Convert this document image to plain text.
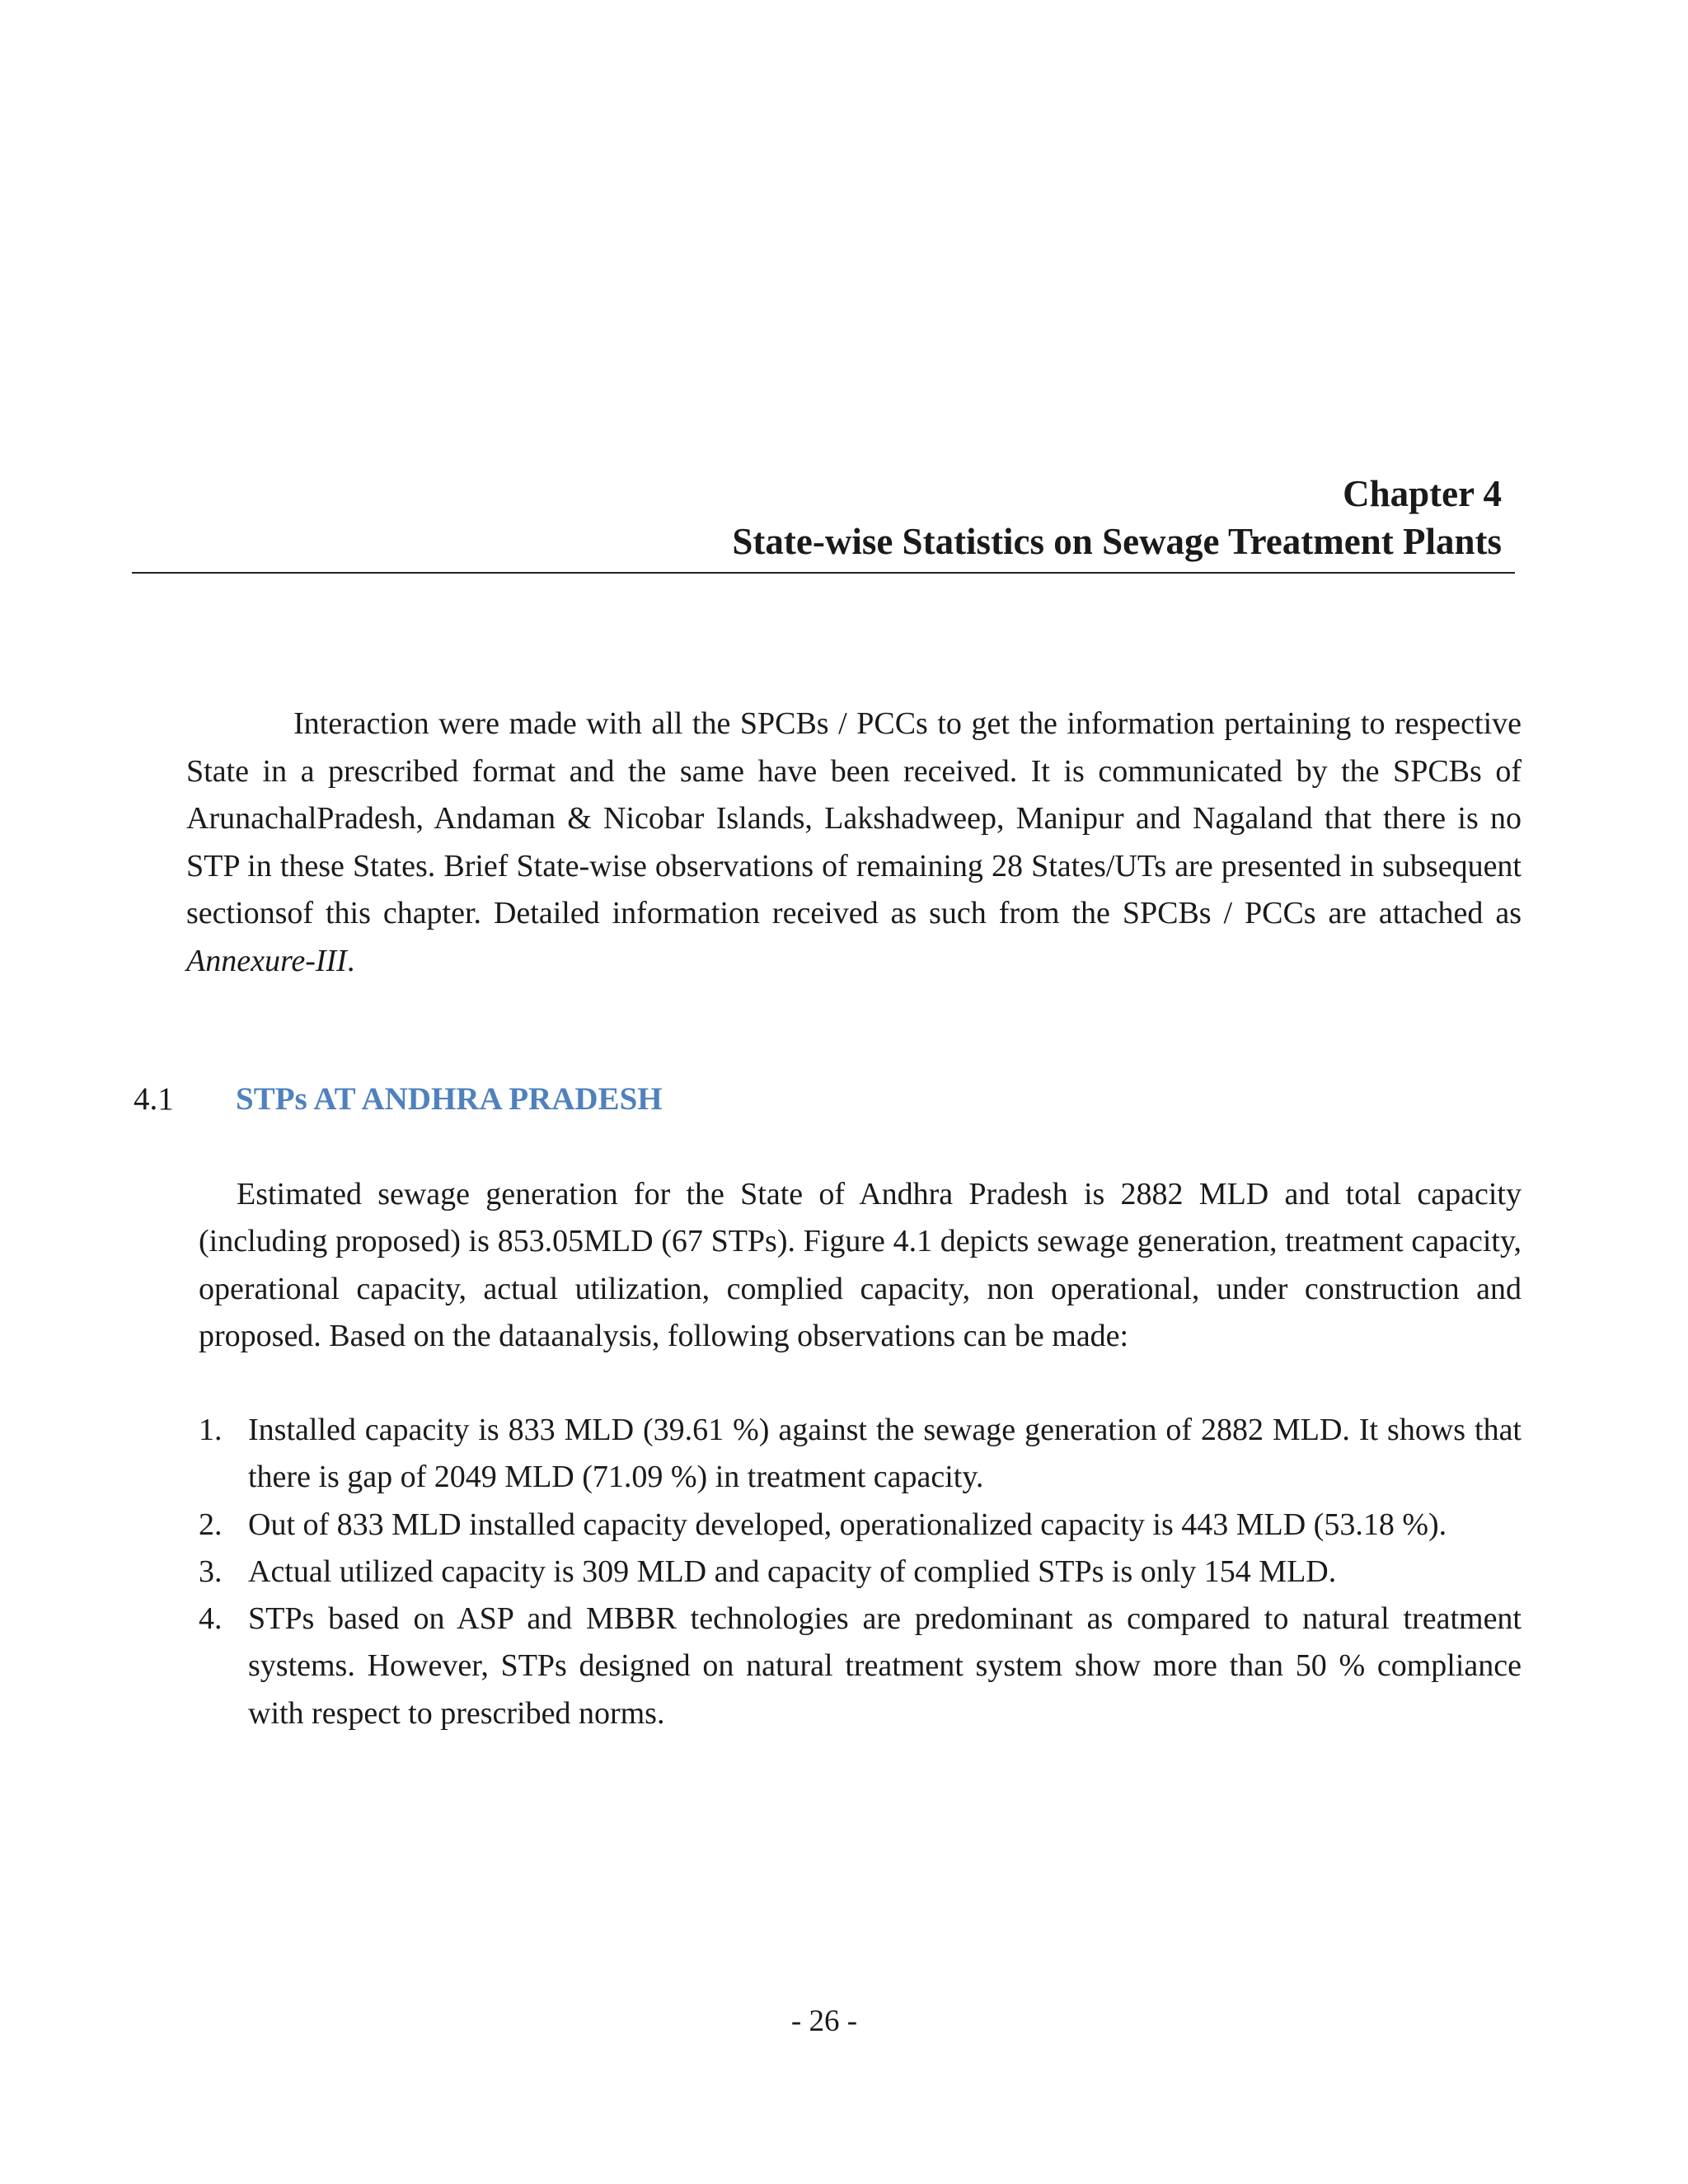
Chapter 4
State-wise Statistics on Sewage Treatment Plants

Interaction were made with all the SPCBs / PCCs to get the information pertaining to respective State in a prescribed format and the same have been received. It is communicated by the SPCBs of ArunachalPradesh, Andaman & Nicobar Islands, Lakshadweep, Manipur and Nagaland that there is no STP in these States. Brief State-wise observations of remaining 28 States/UTs are presented in subsequent sectionsof this chapter. Detailed information received as such from the SPCBs / PCCs are attached as Annexure-III.

4.1 STPs AT ANDHRA PRADESH

Estimated sewage generation for the State of Andhra Pradesh is 2882 MLD and total capacity (including proposed) is 853.05MLD (67 STPs). Figure 4.1 depicts sewage generation, treatment capacity, operational capacity, actual utilization, complied capacity, non operational, under construction and proposed. Based on the dataanalysis, following observations can be made:

1. Installed capacity is 833 MLD (39.61 %) against the sewage generation of 2882 MLD. It shows that there is gap of 2049 MLD (71.09 %) in treatment capacity.
2. Out of 833 MLD installed capacity developed, operationalized capacity is 443 MLD (53.18 %).
3. Actual utilized capacity is 309 MLD and capacity of complied STPs is only 154 MLD.
4. STPs based on ASP and MBBR technologies are predominant as compared to natural treatment systems. However, STPs designed on natural treatment system show more than 50 % compliance with respect to prescribed norms.
- 26 -
